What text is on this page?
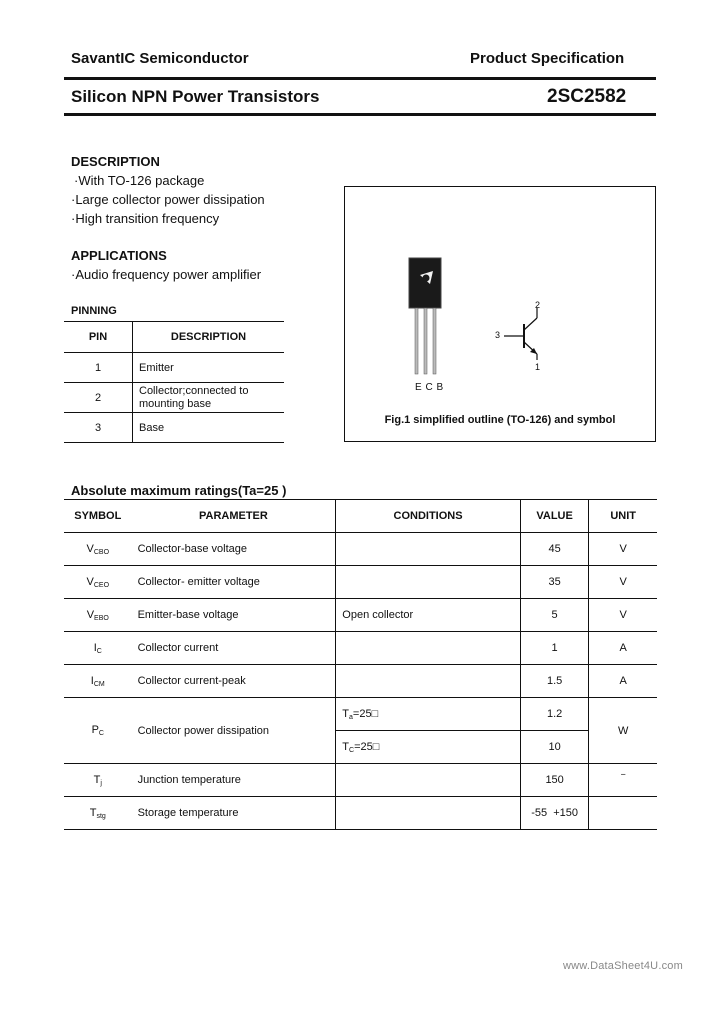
SavantIC Semiconductor	Product Specification
Silicon NPN Power Transistors	2SC2582
DESCRIPTION
·With TO-126 package
·Large collector power dissipation
·High transition frequency
APPLICATIONS
·Audio frequency power amplifier
PINNING
PIN	DESCRIPTION
1	Emitter
2	Collector;connected to
mounting base
3	Base
E C B
2
3
1
Fig.1 simplified outline (TO-126) and symbol
Absolute maximum ratings(Ta=25 )
SYMBOL	PARAMETER	CONDITIONS	VALUE	UNIT
$V_{CBO}$	Collector-base voltage		45	V
$V_{CEO}$	Collector- emitter voltage		35	V
$V_{EBO}$	Emitter-base voltage	Open collector	5	V
$I_C$	Collector current		1	A
$I_{CM}$	Collector current-peak		1.5	A
$P_C$	Collector power dissipation	$T_a=25□$	1.2	W
		$T_C=25□$	10	
$T_j$	Junction temperature		150	‾
$T_{stg}$	Storage temperature		-55  +150	
www.DataSheet4U.com
